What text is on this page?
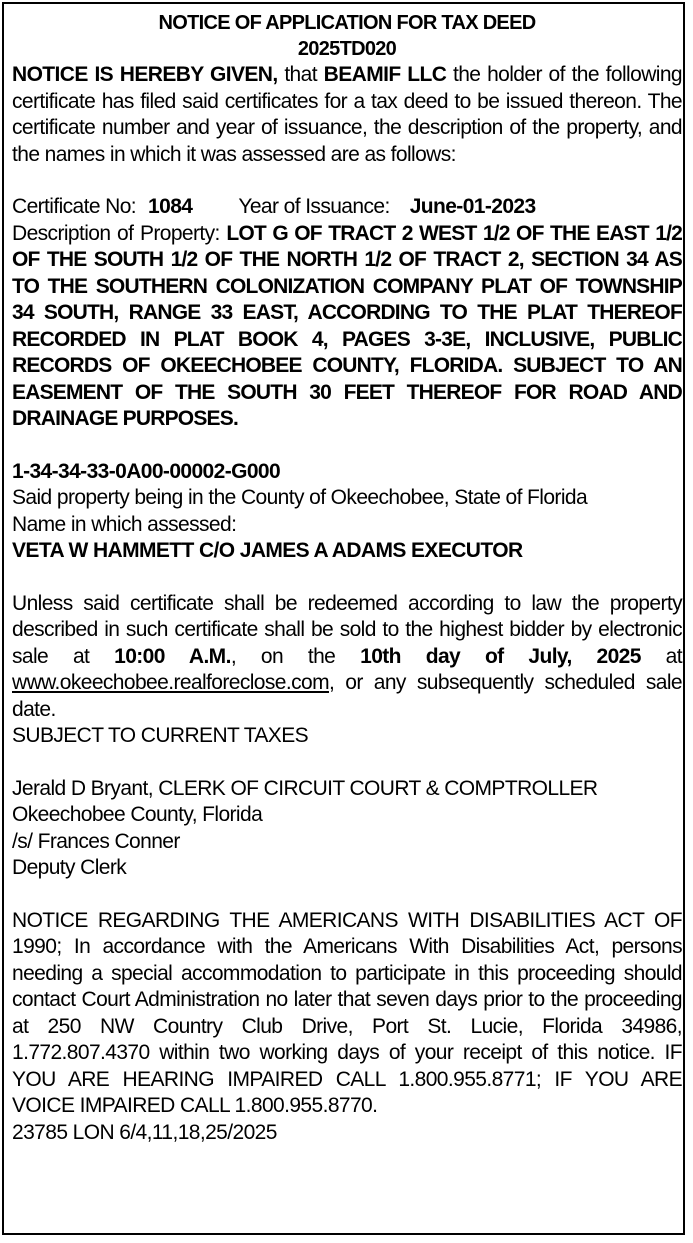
NOTICE OF APPLICATION FOR TAX DEED
2025TD020

NOTICE IS HEREBY GIVEN, that BEAMIF LLC the holder of the following certificate has filed said certificates for a tax deed to be issued thereon. The certificate number and year of issuance, the description of the property, and the names in which it was assessed are as follows:

Certificate No: 1084 Year of Issuance: June-01-2023

Description of Property: LOT G OF TRACT 2 WEST 1/2 OF THE EAST 1/2 OF THE SOUTH 1/2 OF THE NORTH 1/2 OF TRACT 2, SECTION 34 AS TO THE SOUTHERN COLONIZATION COMPANY PLAT OF TOWNSHIP 34 SOUTH, RANGE 33 EAST, ACCORDING TO THE PLAT THEREOF RECORDED IN PLAT BOOK 4, PAGES 3-3E, INCLUSIVE, PUBLIC RECORDS OF OKEECHOBEE COUNTY, FLORIDA. SUBJECT TO AN EASEMENT OF THE SOUTH 30 FEET THEREOF FOR ROAD AND DRAINAGE PURPOSES.

1-34-34-33-0A00-00002-G000
Said property being in the County of Okeechobee, State of Florida
Name in which assessed:
VETA W HAMMETT C/O JAMES A ADAMS EXECUTOR

Unless said certificate shall be redeemed according to law the property described in such certificate shall be sold to the highest bidder by electronic sale at 10:00 A.M., on the 10th day of July, 2025 at www.okeechobee.realforeclose.com, or any subsequently scheduled sale date.

SUBJECT TO CURRENT TAXES
Jerald D Bryant, CLERK OF CIRCUIT COURT & COMPTROLLER
Okeechobee County, Florida
/s/ Frances Conner
Deputy Clerk

NOTICE REGARDING THE AMERICANS WITH DISABILITIES ACT OF 1990; In accordance with the Americans With Disabilities Act, persons needing a special accommodation to participate in this proceeding should contact Court Administration no later that seven days prior to the proceeding at 250 NW Country Club Drive, Port St. Lucie, Florida 34986, 1.772.807.4370 within two working days of your receipt of this notice. IF YOU ARE HEARING IMPAIRED CALL 1.800.955.8771; IF YOU ARE VOICE IMPAIRED CALL 1.800.955.8770.

23785 LON 6/4,11,18,25/2025
